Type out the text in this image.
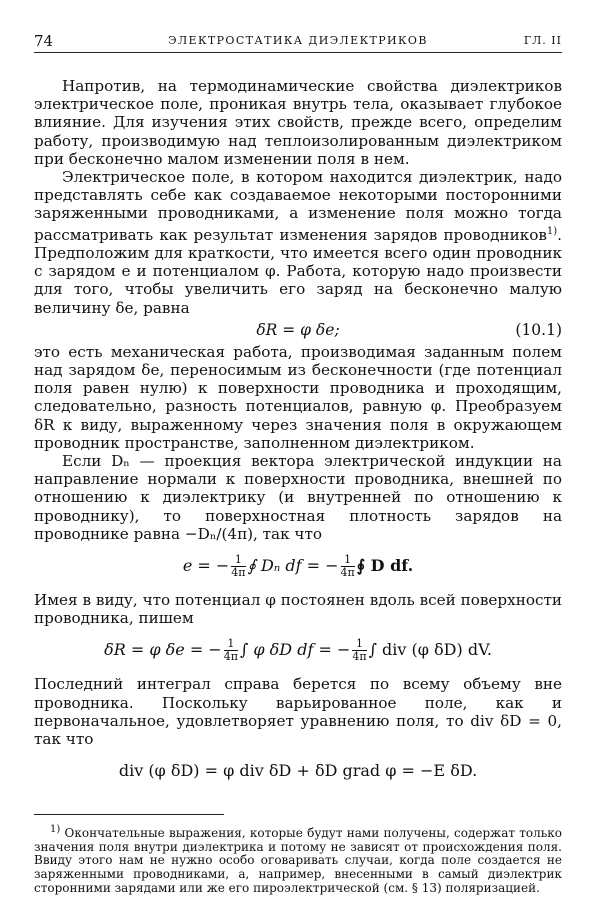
74	ЭЛЕКТРОСТАТИКА ДИЭЛЕКТРИКОВ	ГЛ. II

Напротив, на термодинамические свойства диэлектриков электрическое поле, проникая внутрь тела, оказывает глубокое влияние. Для изучения этих свойств, прежде всего, определим работу, производимую над теплоизолированным диэлектриком при бесконечно малом изменении поля в нем.

Электрическое поле, в котором находится диэлектрик, надо представлять себе как создаваемое некоторыми посторонними заряженными проводниками, а изменение поля можно тогда рассматривать как результат изменения зарядов проводников$^{1)}$. Предположим для краткости, что имеется всего один проводник с зарядом e и потенциалом φ. Работа, которую надо произвести для того, чтобы увеличить его заряд на бесконечно малую величину δe, равна

δR = φ δe;	(10.1)

это есть механическая работа, производимая заданным полем над зарядом δe, переносимым из бесконечности (где потенциал поля равен нулю) к поверхности проводника и проходящим, следовательно, разность потенциалов, равную φ. Преобразуем δR к виду, выраженному через значения поля в окружающем проводник пространстве, заполненном диэлектриком.

Если Dₙ — проекция вектора электрической индукции на направление нормали к поверхности проводника, внешней по отношению к диэлектрику (и внутренней по отношению к проводнику), то поверхностная плотность зарядов на проводнике равна −Dₙ/(4π), так что

e = − $\frac{1}{4\pi}$ ∮ Dₙ df = − $\frac{1}{4\pi}$ ∮ D df.

Имея в виду, что потенциал φ постоянен вдоль всей поверхности проводника, пишем

δR = φ δe = − $\frac{1}{4\pi}$ ∫ φ δD df = − $\frac{1}{4\pi}$ ∫ div (φ δD) dV.

Последний интеграл справа берется по всему объему вне проводника. Поскольку варьированное поле, как и первоначальное, удовлетворяет уравнению поля, то div δD = 0, так что

div (φ δD) = φ div δD + δD grad φ = −E δD.
$^{1)}$ Окончательные выражения, которые будут нами получены, содержат только значения поля внутри диэлектрика и потому не зависят от происхождения поля. Ввиду этого нам не нужно особо оговаривать случаи, когда поле создается не заряженными проводниками, а, например, внесенными в самый диэлектрик сторонними зарядами или же его пироэлектрической (см. § 13) поляризацией.
